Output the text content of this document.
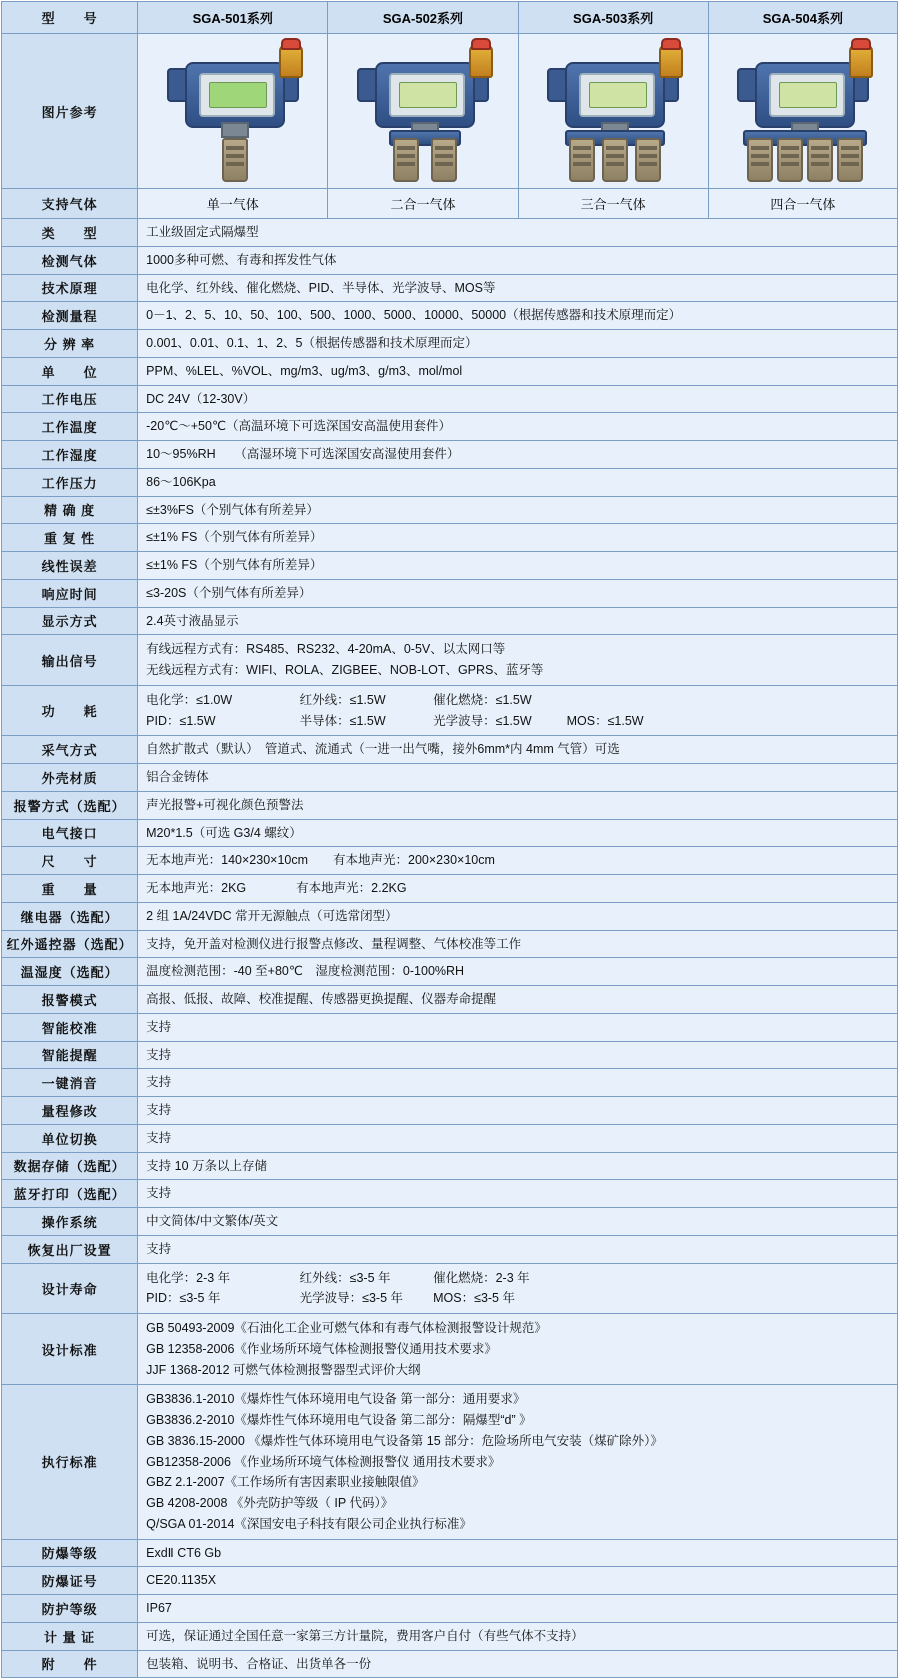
型　　号	SGA-501系列	SGA-502系列	SGA-503系列	SGA-504系列
图片参考	

支持气体	单一气体	二合一气体	三合一气体	四合一气体
类　　型	工业级固定式隔爆型			
检测气体	1000多种可燃、有毒和挥发性气体			
技术原理	电化学、红外线、催化燃烧、PID、半导体、光学波导、MOS等			
检测量程	0－1、2、5、10、50、100、500、1000、5000、10000、50000（根据传感器和技术原理而定）			
分 辨 率	0.001、0.01、0.1、1、2、5（根据传感器和技术原理而定）			
单　　位	PPM、%LEL、%VOL、mg/m3、ug/m3、g/m3、mol/mol			
工作电压	DC 24V（12-30V）			
工作温度	-20℃～+50℃（高温环境下可选深国安高温使用套件）			
工作湿度	10～95%RH　　（高湿环境下可选深国安高湿使用套件）			
工作压力	86～106Kpa			
精 确 度	≤±3%FS（个别气体有所差异）			
重 复 性	≤±1% FS（个别气体有所差异）			
线性误差	≤±1% FS（个别气体有所差异）			
响应时间	≤3-20S（个别气体有所差异）			
显示方式	2.4英寸液晶显示			
输出信号	有线远程方式有：RS485、RS232、4-20mA、0-5V、以太网口等
无线远程方式有：WIFI、ROLA、ZIGBEE、NOB-LOT、GPRS、蓝牙等			

功　　耗	电化学：≤1.0W 红外线：≤1.5W 催化燃烧：≤1.5W
PID：≤1.5W 半导体：≤1.5W 光学波导：≤1.5W MOS：≤1.5W			

采气方式	自然扩散式（默认）　管道式、流通式（一进一出气嘴，接外6mm*内 4mm 气管）可选			
外壳材质	铝合金铸体			
报警方式（选配）	声光报警+可视化颜色预警法			
电气接口	M20*1.5（可选 G3/4 螺纹）			
尺　　寸	无本地声光：140×230×10cm　　有本地声光：200×230×10cm			
重　　量	无本地声光：2KG　　　　有本地声光：2.2KG			
继电器（选配）	2 组 1A/24VDC 常开无源触点（可选常闭型）			
红外遥控器（选配）	支持，免开盖对检测仪进行报警点修改、量程调整、气体校准等工作			
温湿度（选配）	温度检测范围：-40 至+80℃　湿度检测范围：0-100%RH			
报警模式	高报、低报、故障、校准提醒、传感器更换提醒、仪器寿命提醒			
智能校准	支持			
智能提醒	支持			
一键消音	支持			
量程修改	支持			
单位切换	支持			
数据存储（选配）	支持 10 万条以上存储			
蓝牙打印（选配）	支持			
操作系统	中文简体/中文繁体/英文			
恢复出厂设置	支持			
设计寿命	电化学：2-3 年 红外线：≤3-5 年 催化燃烧：2-3 年
PID：≤3-5 年 光学波导：≤3-5 年 MOS：≤3-5 年			

设计标准	GB 50493-2009《石油化工企业可燃气体和有毒气体检测报警设计规范》
GB 12358-2006《作业场所环境气体检测报警仪通用技术要求》
JJF 1368-2012 可燃气体检测报警器型式评价大纲			

执行标准	
GB3836.1-2010《爆炸性气体环境用电气设备 第一部分：通用要求》
GB3836.2-2010《爆炸性气体环境用电气设备 第二部分：隔爆型“d” 》
GB 3836.15-2000 《爆炸性气体环境用电气设备第 15 部分：危险场所电气安装（煤矿除外）》
GB12358-2006 《作业场所环境气体检测报警仪 通用技术要求》
GBZ 2.1-2007《工作场所有害因素职业接触限值》
GB 4208-2008 《外壳防护等级（ IP 代码）》
Q/SGA 01-2014《深国安电子科技有限公司企业执行标准》

防爆等级	ExdⅡ CT6 Gb			
防爆证号	CE20.1135X			
防护等级	IP67			
计 量 证	可选，保证通过全国任意一家第三方计量院，费用客户自付（有些气体不支持）			
附　　件	包装箱、说明书、合格证、出货单各一份			
